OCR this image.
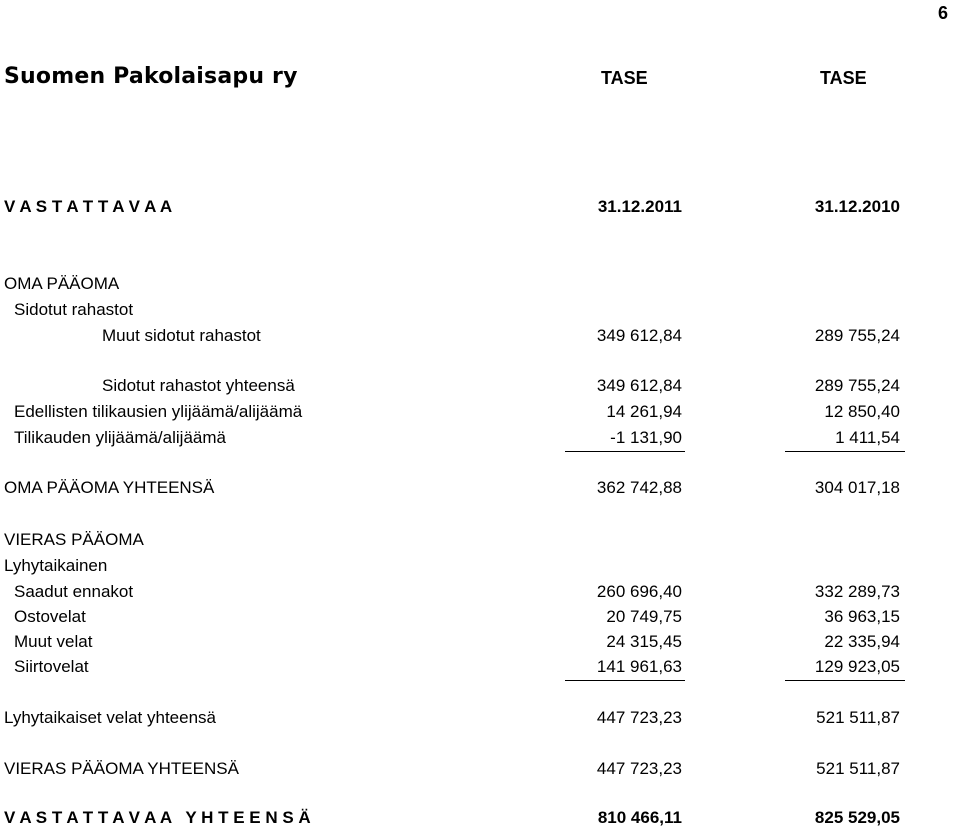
6
Suomen Pakolaisapu ry	TASE	TASE
V A S T A T T A V A A	31.12.2011	31.12.2010
OMA PÄÄOMA
Sidotut rahastot
Muut sidotut rahastot	349 612,84	289 755,24
Sidotut rahastot yhteensä	349 612,84	289 755,24
Edellisten tilikausien ylijäämä/alijäämä	14 261,94	12 850,40
Tilikauden ylijäämä/alijäämä	-1 131,90	1 411,54
OMA PÄÄOMA YHTEENSÄ	362 742,88	304 017,18
VIERAS PÄÄOMA
Lyhytaikainen
Saadut ennakot	260 696,40	332 289,73
Ostovelat	20 749,75	36 963,15
Muut velat	24 315,45	22 335,94
Siirtovelat	141 961,63	129 923,05
Lyhytaikaiset velat yhteensä	447 723,23	521 511,87
VIERAS PÄÄOMA YHTEENSÄ	447 723,23	521 511,87
V A S T A T T A V A A   Y H T E E N S Ä	810 466,11	825 529,05
